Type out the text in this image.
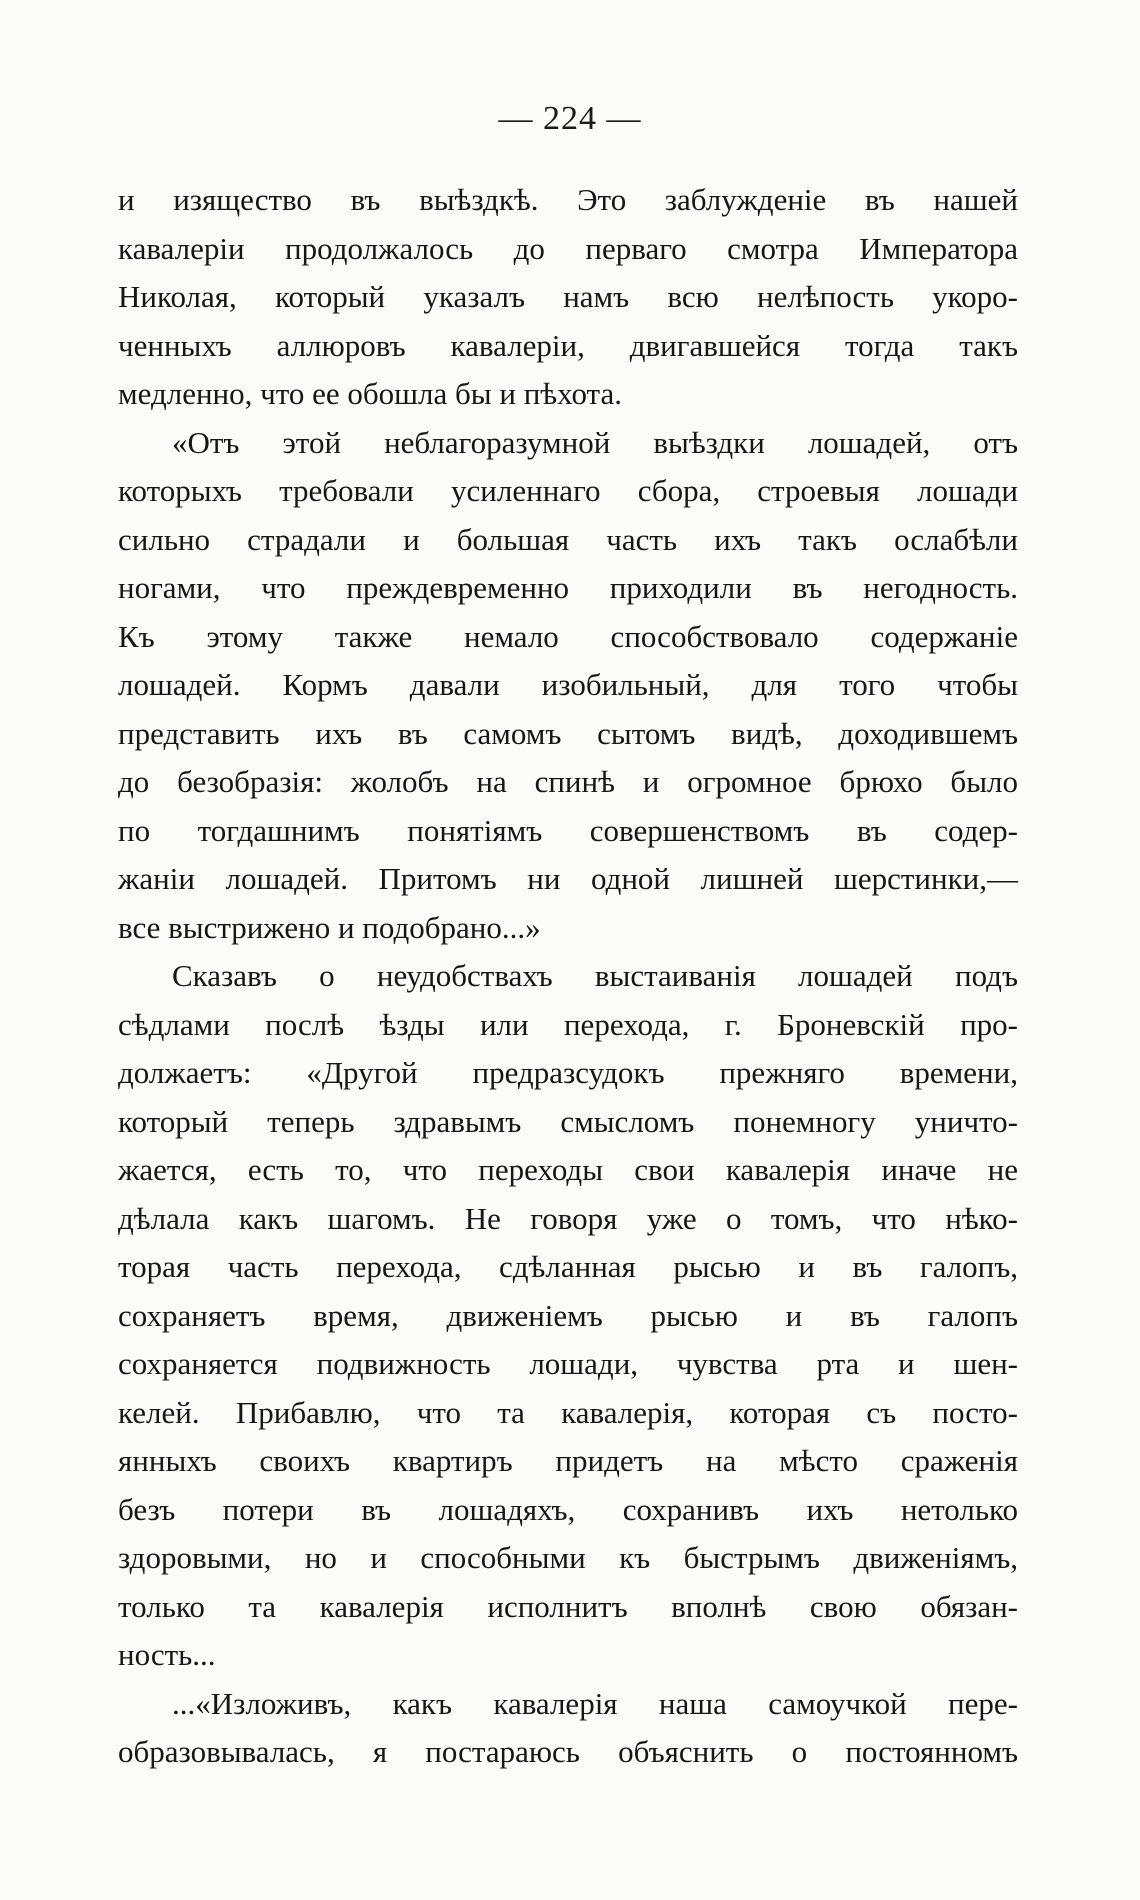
— 224 —
и изящество въ выѣздкѣ. Это заблужденіе въ нашей
кавалеріи продолжалось до перваго смотра Императора
Николая, который указалъ намъ всю нелѣпость укоро-
ченныхъ аллюровъ кавалеріи, двигавшейся тогда такъ
медленно, что ее обошла бы и пѣхота.
«Отъ этой неблагоразумной выѣздки лошадей, отъ
которыхъ требовали усиленнаго сбора, строевыя лошади
сильно страдали и большая часть ихъ такъ ослабѣли
ногами, что преждевременно приходили въ негодность.
Къ этому также немало способствовало содержаніе
лошадей. Кормъ давали изобильный, для того чтобы
представить ихъ въ самомъ сытомъ видѣ, доходившемъ
до безобразія: жолобъ на спинѣ и огромное брюхо было
по тогдашнимъ понятіямъ совершенствомъ въ содер-
жаніи лошадей. Притомъ ни одной лишней шерстинки,—
все выстрижено и подобрано...»
Сказавъ о неудобствахъ выстаиванія лошадей подъ
сѣдлами послѣ ѣзды или перехода, г. Броневскій про-
должаетъ: «Другой предразсудокъ прежняго времени,
который теперь здравымъ смысломъ понемногу уничто-
жается, есть то, что переходы свои кавалерія иначе не
дѣлала какъ шагомъ. Не говоря уже о томъ, что нѣко-
торая часть перехода, сдѣланная рысью и въ галопъ,
сохраняетъ время, движеніемъ рысью и въ галопъ
сохраняется подвижность лошади, чувства рта и шен-
келей. Прибавлю, что та кавалерія, которая съ посто-
янныхъ своихъ квартиръ придетъ на мѣсто сраженія
безъ потери въ лошадяхъ, сохранивъ ихъ нетолько
здоровыми, но и способными къ быстрымъ движеніямъ,
только та кавалерія исполнитъ вполнѣ свою обязан-
ность...
...«Изложивъ, какъ кавалерія наша самоучкой пере-
образовывалась, я постараюсь объяснить о постоянномъ
